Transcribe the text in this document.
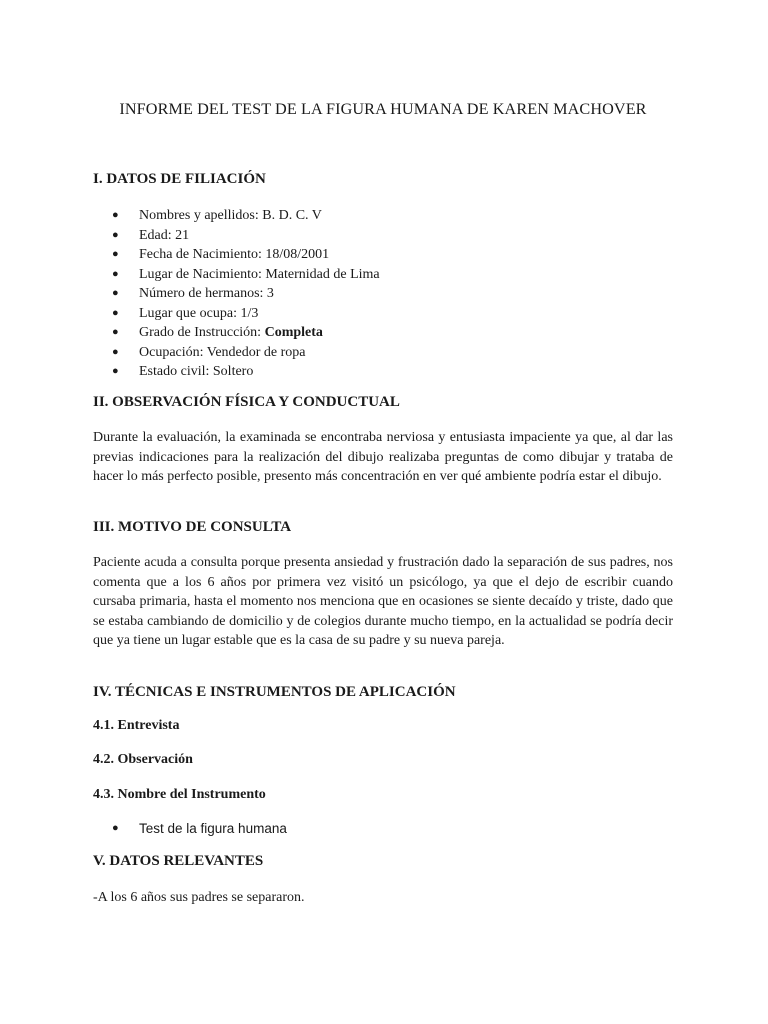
INFORME DEL TEST DE LA FIGURA HUMANA DE KAREN MACHOVER
I. DATOS DE FILIACIÓN
● Nombres y apellidos: B. D. C. V
● Edad: 21
● Fecha de Nacimiento: 18/08/2001
● Lugar de Nacimiento: Maternidad de Lima
● Número de hermanos: 3
● Lugar que ocupa: 1/3
● Grado de Instrucción: Completa
● Ocupación: Vendedor de ropa
● Estado civil: Soltero
II. OBSERVACIÓN FÍSICA Y CONDUCTUAL

Durante la evaluación, la examinada se encontraba nerviosa y entusiasta impaciente ya que, al dar las previas indicaciones para la realización del dibujo realizaba preguntas de como dibujar y trataba de hacer lo más perfecto posible, presento más concentración en ver qué ambiente podría estar el dibujo.

III. MOTIVO DE CONSULTA

Paciente acuda a consulta porque presenta ansiedad y frustración dado la separación de sus padres, nos comenta que a los 6 años por primera vez visitó un psicólogo, ya que el dejo de escribir cuando cursaba primaria, hasta el momento nos menciona que en ocasiones se siente decaído y triste, dado que se estaba cambiando de domicilio y de colegios durante mucho tiempo, en la actualidad se podría decir que ya tiene un lugar estable que es la casa de su padre y su nueva pareja.

IV. TÉCNICAS E INSTRUMENTOS DE APLICACIÓN
4.1. Entrevista
4.2. Observación
4.3. Nombre del Instrumento
● Test de la figura humana
V. DATOS RELEVANTES

-A los 6 años sus padres se separaron.
